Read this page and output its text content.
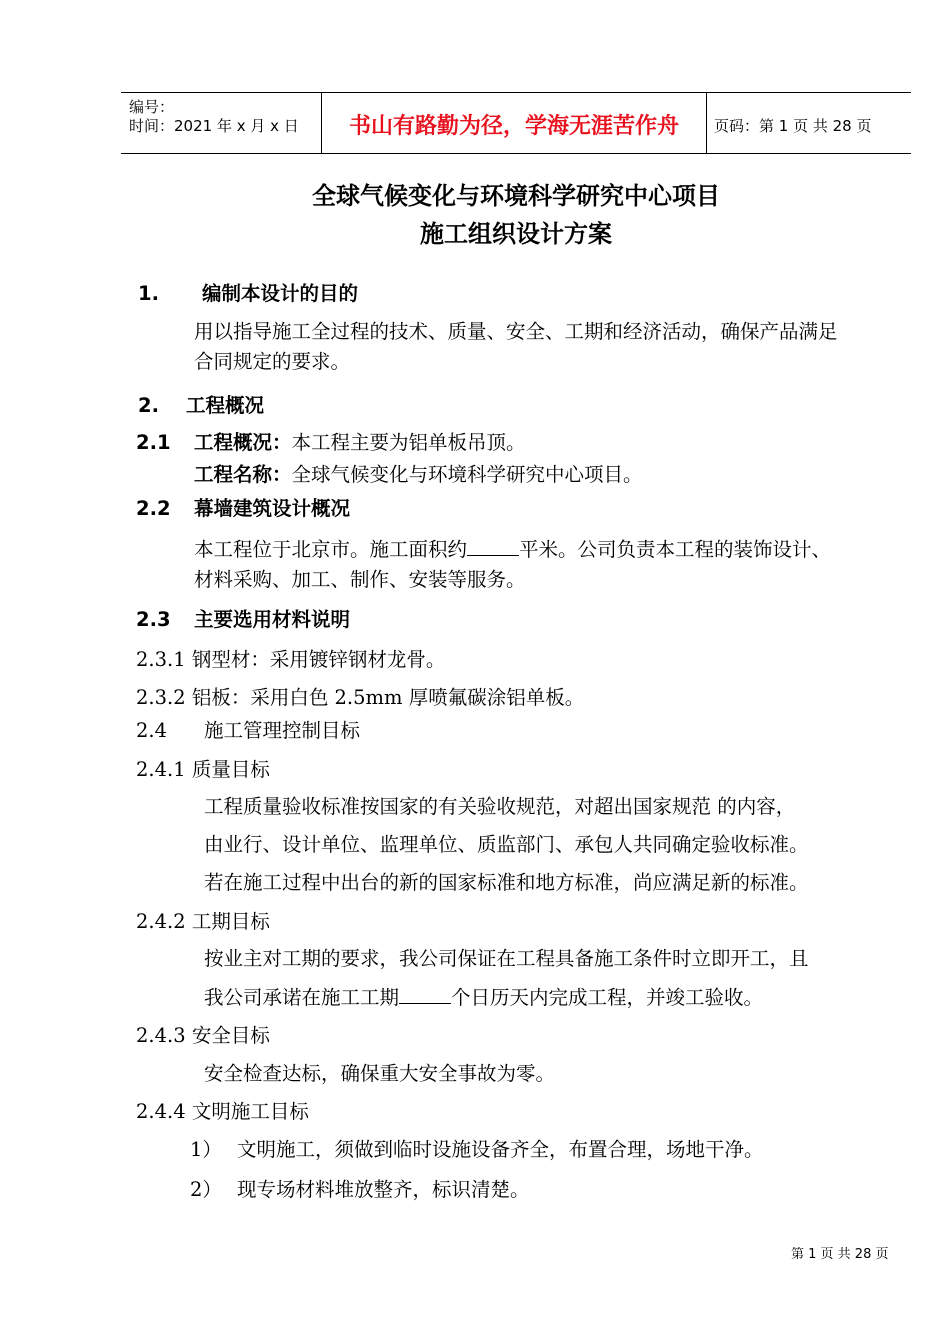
编号：
时间：2021 年 x 月 x 日	书山有路勤为径，学海无涯苦作舟	页码：第 1 页 共 28 页
全球气候变化与环境科学研究中心项目
施工组织设计方案
1. 编制本设计的目的
用以指导施工全过程的技术、质量、安全、工期和经济活动，确保产品满足
合同规定的要求。
2. 工程概况
2.1 工程概况：本工程主要为铝单板吊顶。
工程名称：全球气候变化与环境科学研究中心项目。
2.2 幕墙建筑设计概况
本工程位于北京市。施工面积约	平米。公司负责本工程的装饰设计、
材料采购、加工、制作、安装等服务。
2.3 主要选用材料说明
2.3.1 钢型材：采用镀锌钢材龙骨。
2.3.2 铝板：采用白色 2.5mm 厚喷氟碳涂铝单板。
2.4 施工管理控制目标
2.4.1 质量目标
工程质量验收标准按国家的有关验收规范，对超出国家规范 的内容，
由业行、设计单位、监理单位、质监部门、承包人共同确定验收标准。
若在施工过程中出台的新的国家标准和地方标准，尚应满足新的标准。
2.4.2 工期目标
按业主对工期的要求，我公司保证在工程具备施工条件时立即开工，且
我公司承诺在施工工期	个日历天内完成工程，并竣工验收。
2.4.3 安全目标
安全检查达标，确保重大安全事故为零。
2.4.4 文明施工目标
1） 文明施工，须做到临时设施设备齐全，布置合理，场地干净。
2） 现专场材料堆放整齐，标识清楚。
第 1 页 共 28 页
